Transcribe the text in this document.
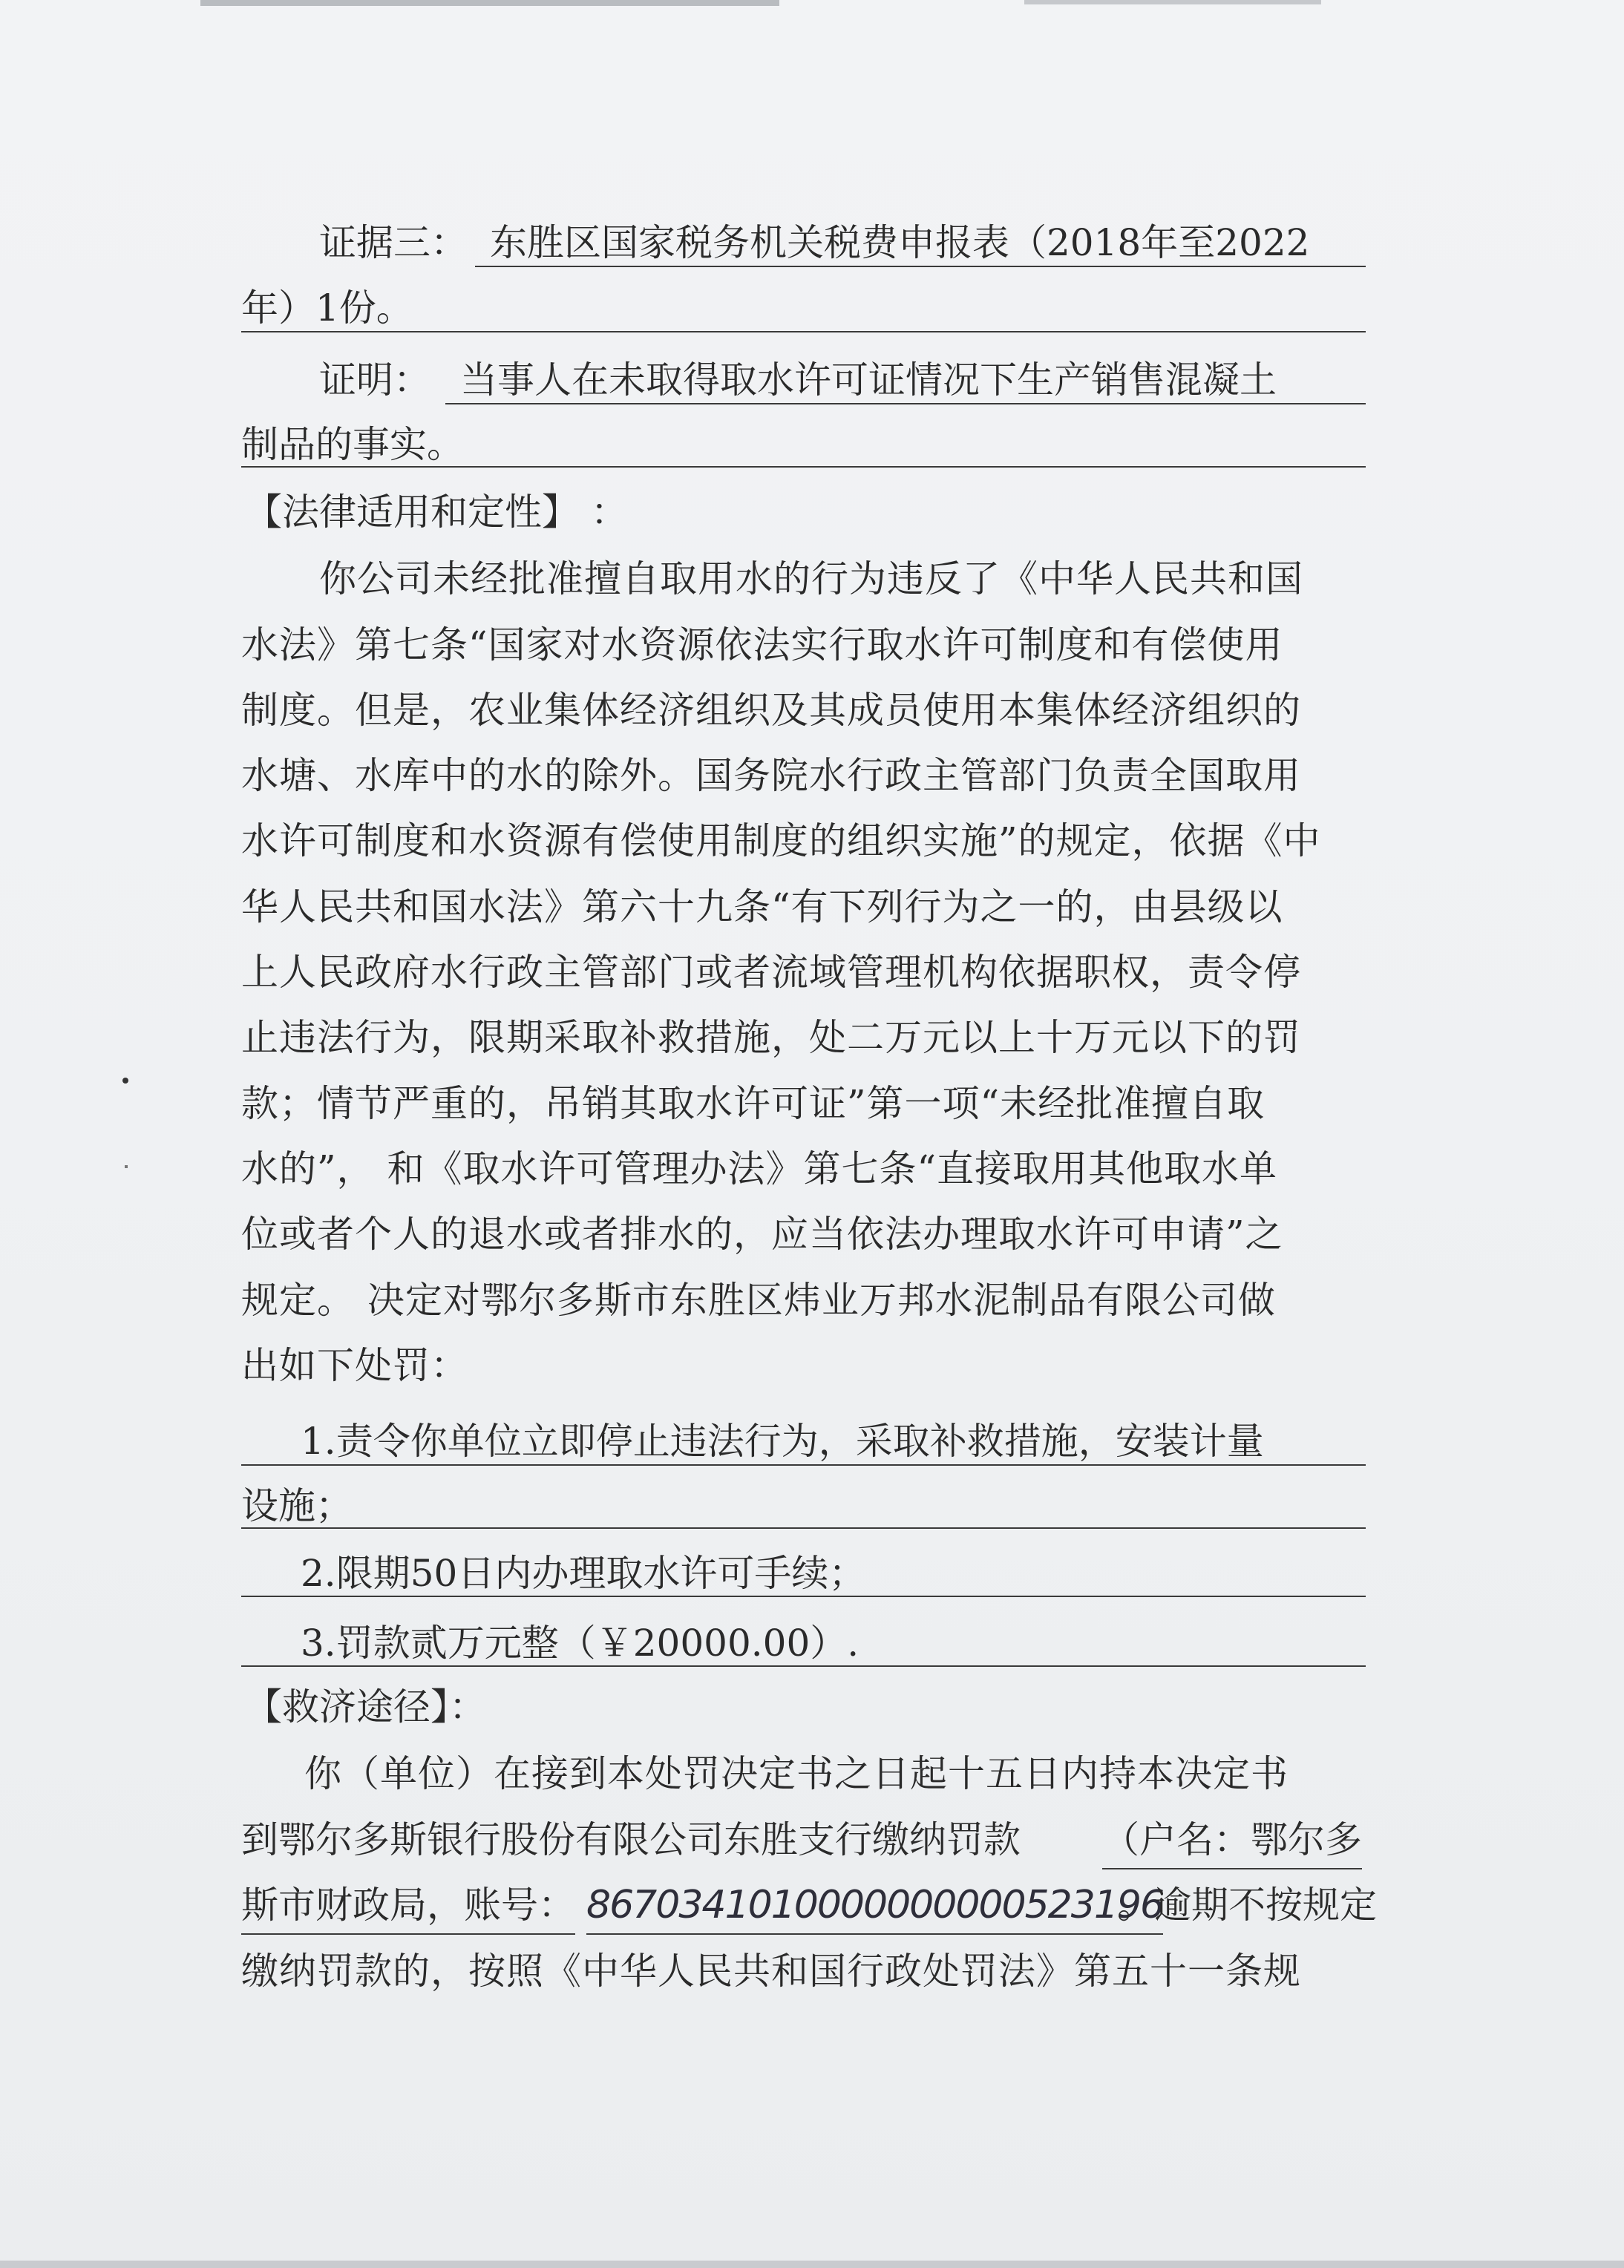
证据三： 东胜区国家税务机关税费申报表（2018年至2022
年）1份。
证明： 当事人在未取得取水许可证情况下生产销售混凝土
制品的事实。
【法律适用和定性】 ：
你公司未经批准擅自取用水的行为违反了《中华人民共和国
水法》第七条“国家对水资源依法实行取水许可制度和有偿使用
制度。但是，农业集体经济组织及其成员使用本集体经济组织的
水塘、水库中的水的除外。国务院水行政主管部门负责全国取用
水许可制度和水资源有偿使用制度的组织实施”的规定，依据《中
华人民共和国水法》第六十九条“有下列行为之一的，由县级以
上人民政府水行政主管部门或者流域管理机构依据职权，责令停
止违法行为，限期采取补救措施，处二万元以上十万元以下的罚
款；情节严重的，吊销其取水许可证”第一项“未经批准擅自取
水的”， 和《取水许可管理办法》第七条“直接取用其他取水单
位或者个人的退水或者排水的，应当依法办理取水许可申请”之
规定。 决定对鄂尔多斯市东胜区炜业万邦水泥制品有限公司做
出如下处罚：
1.责令你单位立即停止违法行为，采取补救措施，安装计量
设施；
2.限期50日内办理取水许可手续；
3.罚款贰万元整（￥20000.00）.
【救济途径】：
你（单位）在接到本处罚决定书之日起十五日内持本决定书
到鄂尔多斯银行股份有限公司东胜支行缴纳罚款 （户名：鄂尔多
斯市财政局，账号： 8670341010000000000523196
。逾期不按规定
缴纳罚款的，按照《中华人民共和国行政处罚法》第五十一条规
